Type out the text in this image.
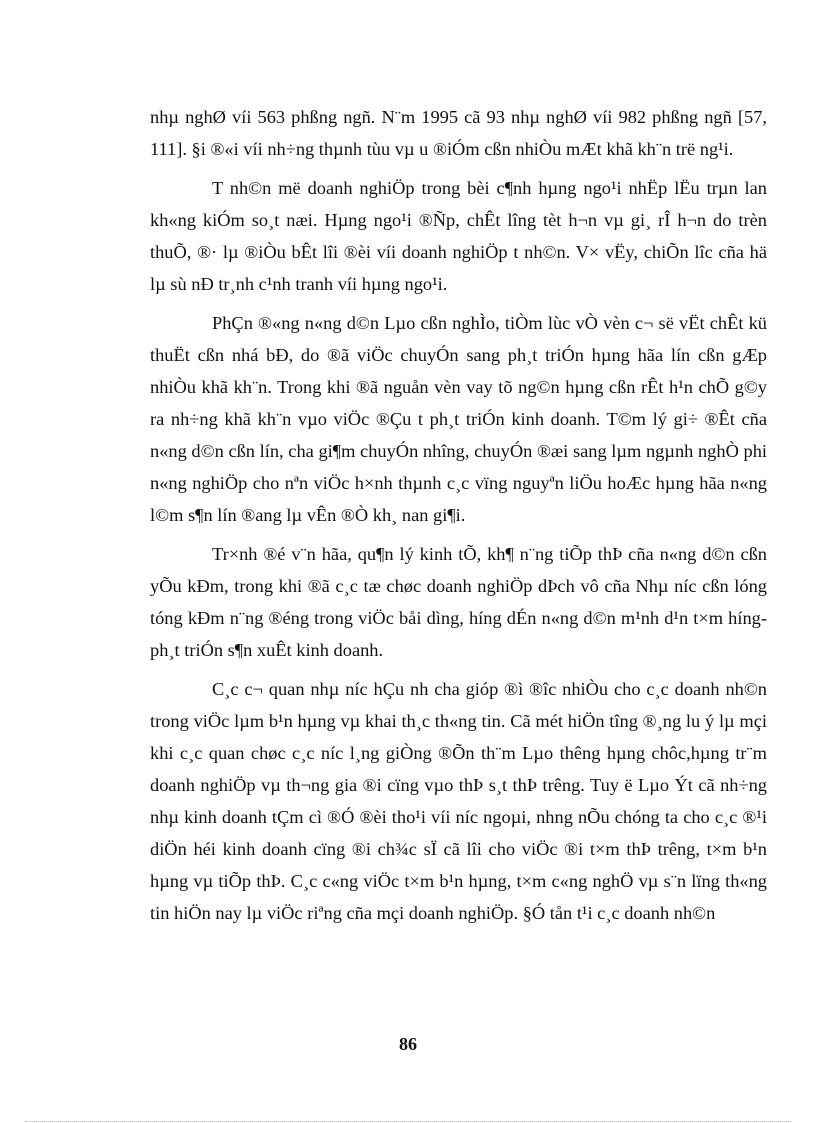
nhµ nghØ víi 563 phßng ngñ. N¨m 1995 cã 93 nhµ nghØ víi 982 phßng ngñ [57, 111]. §i ®«i víi nh÷ng thµnh tùu vµ u ®iÓm cßn nhiÒu mÆt khã kh¨n trë ng¹i.

T nh©n më doanh nghiÖp trong bèi c¶nh hµng ngo¹i nhËp lËu trµn lan kh«ng kiÓm so¸t næi. Hµng ngo¹i ®Ñp, chÊt lîng tèt h¬n vµ gi¸ rÎ h¬n do trèn thuÕ, ®· lµ ®iÒu bÊt lîi ®èi víi doanh nghiÖp t nh©n. V× vËy, chiÕn lîc cña hä lµ sù nÐ tr¸nh c¹nh tranh víi hµng ngo¹i.

PhÇn ®«ng n«ng d©n Lµo cßn nghÌo, tiÒm lùc vÒ vèn c¬ së vËt chÊt kü thuËt cßn nhá bÐ, do ®ã viÖc chuyÓn sang ph¸t triÓn hµng hãa lín cßn gÆp nhiÒu khã kh¨n. Trong khi ®ã nguån vèn vay tõ ng©n hµng cßn rÊt h¹n chÕ g©y ra nh÷ng khã kh¨n vµo viÖc ®Çu t ph¸t triÓn kinh doanh. T©m lý gi÷ ®Êt cña n«ng d©n cßn lín, cha gi¶m chuyÓn nhîng, chuyÓn ®æi sang lµm ngµnh nghÒ phi n«ng nghiÖp cho nªn viÖc h×nh thµnh c¸c vïng nguyªn liÖu hoÆc hµng hãa n«ng l©m s¶n lín ®ang lµ vÊn ®Ò kh¸ nan gi¶i.

Tr×nh ®é v¨n hãa, qu¶n lý kinh tÕ, kh¶ n¨ng tiÕp thÞ cña n«ng d©n cßn yÕu kÐm, trong khi ®ã c¸c tæ chøc doanh nghiÖp dÞch vô cña Nhµ níc cßn lóng tóng kÐm n¨ng ®éng trong viÖc båi dìng, híng dÉn n«ng d©n m¹nh d¹n t×m híng ph¸t triÓn s¶n xuÊt kinh doanh.

C¸c c¬ quan nhµ níc hÇu nh cha gióp ®ì ®îc nhiÒu cho c¸c doanh nh©n trong viÖc lµm b¹n hµng vµ khai th¸c th«ng tin. Cã mét hiÖn tîng ®¸ng lu ý lµ mçi khi c¸c quan chøc c¸c níc l¸ng giÒng ®Õn th¨m Lµo thêng hµng chôc,hµng tr¨m doanh nghiÖp vµ th¬ng gia ®i cïng vµo thÞ s¸t thÞ trêng. Tuy ë Lµo Ýt cã nh÷ng nhµ kinh doanh tÇm cì ®Ó ®èi tho¹i víi níc ngoµi, nhng nÕu chóng ta cho c¸c ®¹i diÖn héi kinh doanh cïng ®i ch¾c sÏ cã lîi cho viÖc ®i t×m thÞ trêng, t×m b¹n hµng vµ tiÕp thÞ. C¸c c«ng viÖc t×m b¹n hµng, t×m c«ng nghÖ vµ s¨n lïng th«ng tin hiÖn nay lµ viÖc riªng cña mçi doanh nghiÖp. §Ó tån t¹i c¸c doanh nh©n

86
